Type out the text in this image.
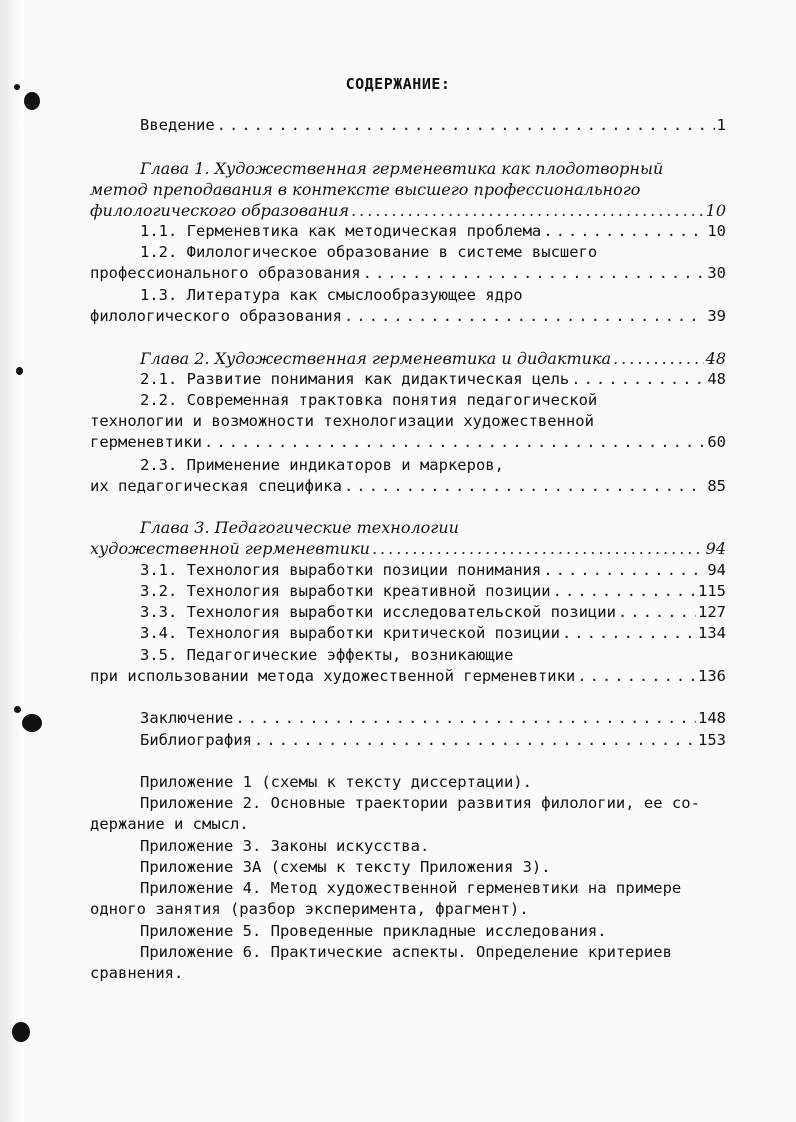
СОДЕРЖАНИЕ:
Введение .....	1
Глава 1. Художественная герменевтика как плодотворный
метод преподавания в контексте высшего профессионального
филологического образования .....	10
1.1. Герменевтика как методическая проблема .....	10
1.2. Филологическое образование в системе высшего
профессионального образования .....	30
1.3. Литература как смыслообразующее ядро
филологического образования .....	39
Глава 2. Художественная герменевтика и дидактика .....	48
2.1. Развитие понимания как дидактическая цель .....	48
2.2. Современная трактовка понятия педагогической
технологии и возможности технологизации художественной
герменевтики .....	60
2.3. Применение индикаторов и маркеров,
их педагогическая специфика .....	85
Глава 3. Педагогические технологии
художественной герменевтики .....	94
3.1. Технология выработки позиции понимания .....	94
3.2. Технология выработки креативной позиции .....	115
3.3. Технология выработки исследовательской позиции .....	127
3.4. Технология выработки критической позиции .....	134
3.5. Педагогические эффекты, возникающие
при использовании метода художественной герменевтики .....	136
Заключение .....	148
Библиография .....	153
Приложение 1 (схемы к тексту диссертации).
Приложение 2. Основные траектории развития филологии, ее со-
держание и смысл.
Приложение 3. Законы искусства.
Приложение 3А (схемы к тексту Приложения 3).
Приложение 4. Метод художественной герменевтики на примере
одного занятия (разбор эксперимента, фрагмент).
Приложение 5. Проведенные прикладные исследования.
Приложение 6. Практические аспекты. Определение критериев
сравнения.
